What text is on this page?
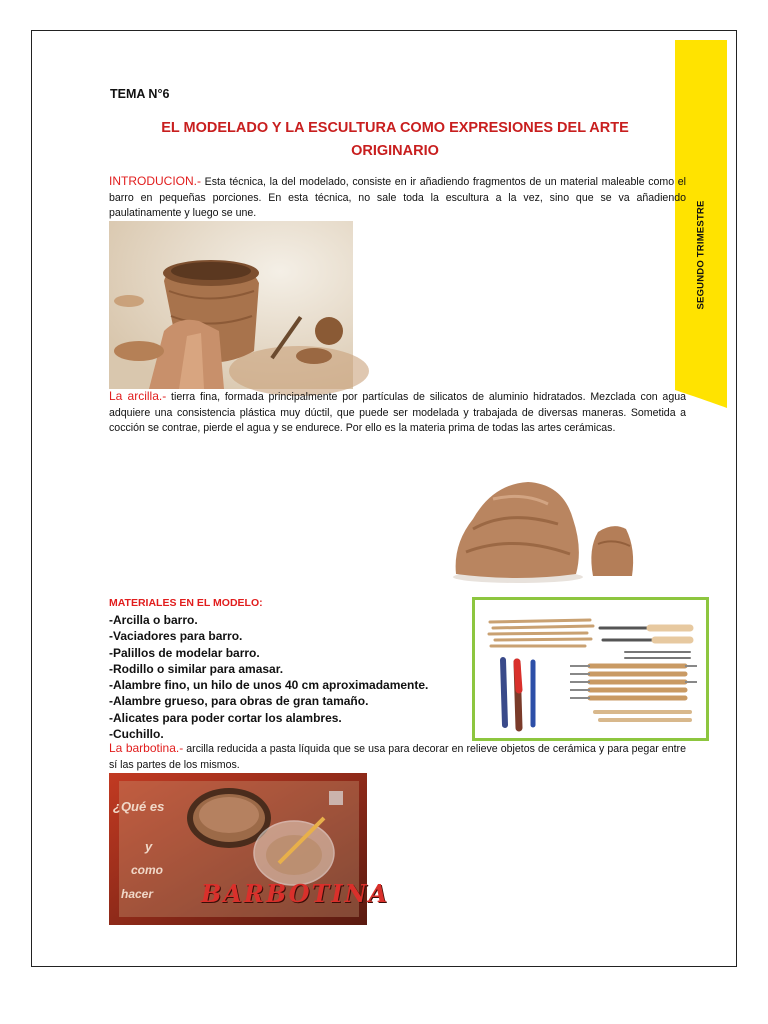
SEGUNDO TRIMESTRE
TEMA N°6
EL MODELADO Y LA ESCULTURA COMO EXPRESIONES DEL ARTE
ORIGINARIO
INTRODUCION.- Esta técnica, la del modelado, consiste en ir añadiendo fragmentos de un material maleable como el barro en pequeñas porciones. En esta técnica, no sale toda la escultura a la vez, sino que se va añadiendo paulatinamente y luego se une.
La arcilla.- tierra fina, formada principalmente por partículas de silicatos de aluminio hidratados. Mezclada con agua adquiere una consistencia plástica muy dúctil, que puede ser modelada y trabajada de diversas maneras. Sometida a cocción se contrae, pierde el agua y se endurece. Por ello es la materia prima de todas las artes cerámicas.
MATERIALES EN EL MODELO:
-Arcilla o barro.
-Vaciadores para barro.
-Palillos de modelar barro.
-Rodillo o similar para amasar.
-Alambre fino, un hilo de unos 40 cm aproximadamente.
-Alambre grueso, para obras de gran tamaño.
-Alicates para poder cortar los alambres.
-Cuchillo.
La barbotina.- arcilla reducida a pasta líquida que se usa para decorar en relieve objetos de cerámica y para pegar entre sí las partes de los mismos.
¿Qué es
y
como
hacer BARBOTINA
